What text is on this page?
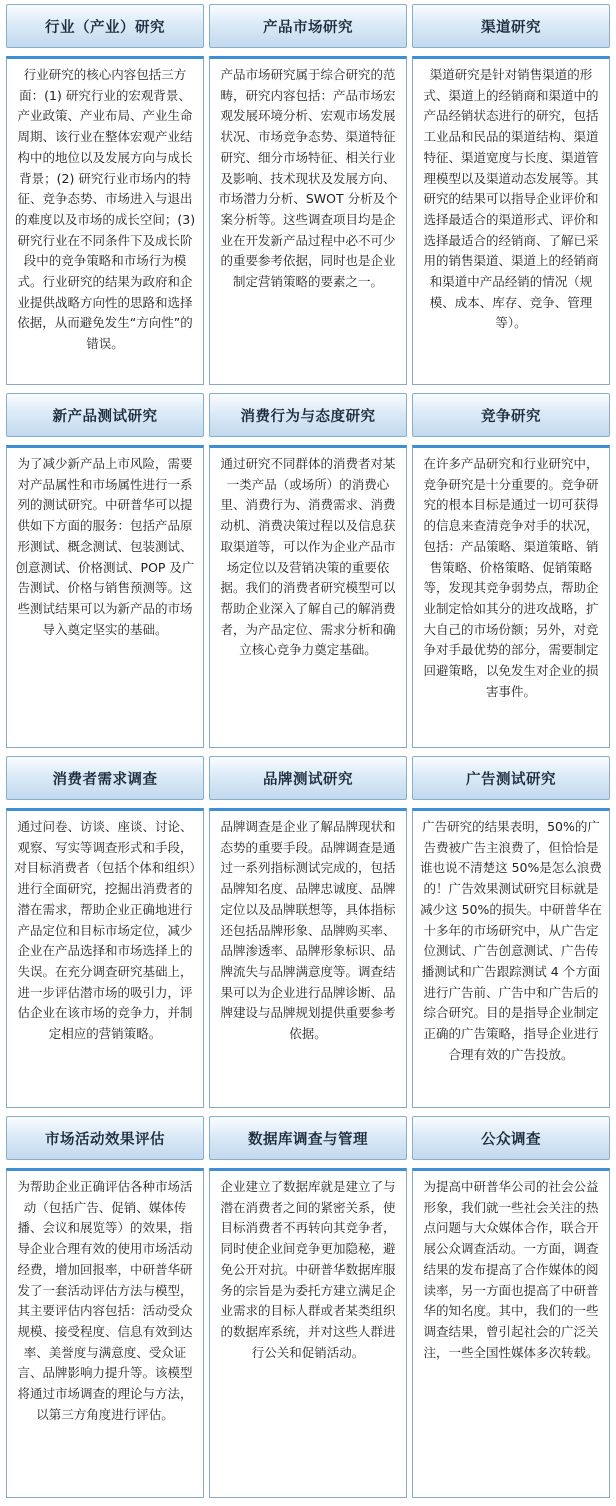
行业（产业）研究	产品市场研究	渠道研究
行业研究的核心内容包括三方面：(1) 研究行业的宏观背景、产业政策、产业布局、产业生命周期、该行业在整体宏观产业结构中的地位以及发展方向与成长背景；(2) 研究行业市场内的特征、竞争态势、市场进入与退出的难度以及市场的成长空间；(3) 研究行业在不同条件下及成长阶段中的竞争策略和市场行为模式。行业研究的结果为政府和企业提供战略方向性的思路和选择依据，从而避免发生“方向性”的错误。
产品市场研究属于综合研究的范畴，研究内容包括：产品市场宏观发展环境分析、宏观市场发展状况、市场竞争态势、渠道特征研究、细分市场特征、相关行业及影响、技术现状及发展方向、市场潜力分析、SWOT 分析及个案分析等。这些调查项目均是企业在开发新产品过程中必不可少的重要参考依据，同时也是企业制定营销策略的要素之一。
渠道研究是针对销售渠道的形式、渠道上的经销商和渠道中的产品经销状态进行的研究，包括工业品和民品的渠道结构、渠道特征、渠道宽度与长度、渠道管理模型以及渠道动态发展等。其研究的结果可以指导企业评价和选择最适合的渠道形式、评价和选择最适合的经销商、了解已采用的销售渠道、渠道上的经销商和渠道中产品经销的情况（规模、成本、库存、竞争、管理等）。
新产品测试研究	消费行为与态度研究	竞争研究
为了减少新产品上市风险，需要对产品属性和市场属性进行一系列的测试研究。中研普华可以提供如下方面的服务：包括产品原形测试、概念测试、包装测试、创意测试、价格测试、POP 及广告测试、价格与销售预测等。这些测试结果可以为新产品的市场导入奠定坚实的基础。
通过研究不同群体的消费者对某一类产品（或场所）的消费心里、消费行为、消费需求、消费动机、消费决策过程以及信息获取渠道等，可以作为企业产品市场定位以及营销决策的重要依据。我们的消费者研究模型可以帮助企业深入了解自己的解消费者，为产品定位、需求分析和确立核心竞争力奠定基础。
在许多产品研究和行业研究中，竞争研究是十分重要的。竞争研究的根本目标是通过一切可获得的信息来查清竞争对手的状况，包括：产品策略、渠道策略、销售策略、价格策略、促销策略等，发现其竞争弱势点，帮助企业制定恰如其分的进攻战略，扩大自己的市场份额；另外，对竞争对手最优势的部分，需要制定回避策略，以免发生对企业的损害事件。
消费者需求调查	品牌测试研究	广告测试研究
通过问卷、访谈、座谈、讨论、观察、写实等调查形式和手段，对目标消费者（包括个体和组织）进行全面研究，挖掘出消费者的潜在需求，帮助企业正确地进行产品定位和目标市场定位，减少企业在产品选择和市场选择上的失误。在充分调查研究基础上，进一步评估潜市场的吸引力，评估企业在该市场的竞争力，并制定相应的营销策略。
品牌调查是企业了解品牌现状和态势的重要手段。品牌调查是通过一系列指标测试完成的，包括品牌知名度、品牌忠诚度、品牌定位以及品牌联想等，具体指标还包括品牌形象、品牌购买率、品牌渗透率、品牌形象标识、品牌流失与品牌满意度等。调查结果可以为企业进行品牌诊断、品牌建设与品牌规划提供重要参考依据。
广告研究的结果表明，50%的广告费被广告主浪费了，但恰恰是谁也说不清楚这 50%是怎么浪费的！广告效果测试研究目标就是减少这 50%的损失。中研普华在十多年的市场研究中，从广告定位测试、广告创意测试、广告传播测试和广告跟踪测试 4 个方面进行广告前、广告中和广告后的综合研究。目的是指导企业制定正确的广告策略，指导企业进行合理有效的广告投放。
市场活动效果评估	数据库调查与管理	公众调查
为帮助企业正确评估各种市场活动（包括广告、促销、媒体传播、会议和展览等）的效果，指导企业合理有效的使用市场活动经费，增加回报率，中研普华研发了一套活动评估方法与模型，其主要评估内容包括：活动受众规模、接受程度、信息有效到达率、美誉度与满意度、受众证言、品牌影响力提升等。该模型将通过市场调查的理论与方法，以第三方角度进行评估。
企业建立了数据库就是建立了与潜在消费者之间的紧密关系，使目标消费者不再转向其竞争者，同时使企业间竞争更加隐秘，避免公开对抗。中研普华数据库服务的宗旨是为委托方建立满足企业需求的目标人群或者某类组织的数据库系统，并对这些人群进行公关和促销活动。
为提高中研普华公司的社会公益形象，我们就一些社会关注的热点问题与大众媒体合作，联合开展公众调查活动。一方面，调查结果的发布提高了合作媒体的阅读率，另一方面也提高了中研普华的知名度。其中，我们的一些调查结果，曾引起社会的广泛关注，一些全国性媒体多次转载。
